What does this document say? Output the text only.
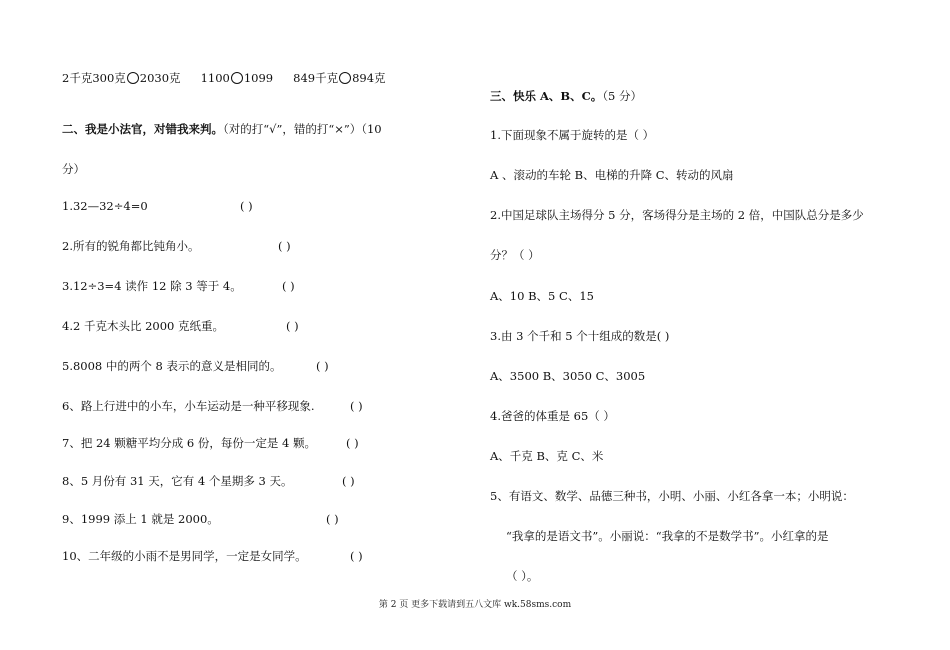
2千克300克 2030克 1100 1099 849千克 894克
二、我是小法官，对错我来判。（对的打“√”，错的打“×”）（10
分）
1.32—32÷4=0	( )
2.所有的锐角都比钝角小。	( )
3.12÷3=4 读作 12 除 3 等于 4。	( )
4.2 千克木头比 2000 克纸重。	( )
5.8008 中的两个 8 表示的意义是相同的。	( )
6、路上行进中的小车，小车运动是一种平移现象.	( )
7、把 24 颗糖平均分成 6 份，每份一定是 4 颗。	( )
8、5 月份有 31 天，它有 4 个星期多 3 天。	( )
9、1999 添上 1 就是 2000。	( )
10、二年级的小雨不是男同学，一定是女同学。	( )
三、快乐 A、B、C。（5 分）
1.下面现象不属于旋转的是（ ）
A 、滚动的车轮 B、电梯的升降 C、转动的风扇
2.中国足球队主场得分 5 分，客场得分是主场的 2 倍，中国队总分是多少
分？（ ）
A、10 B、5 C、15
3.由 3 个千和 5 个十组成的数是( )
A、3500 B、3050 C、3005
4.爸爸的体重是 65（ ）
A、千克 B、克 C、米
5、有语文、数学、品德三种书，小明、小丽、小红各拿一本；小明说：
“我拿的是语文书”。小丽说：“我拿的不是数学书”。小红拿的是
（ ）。
第 2 页 更多下载请到五八文库 wk.58sms.com
